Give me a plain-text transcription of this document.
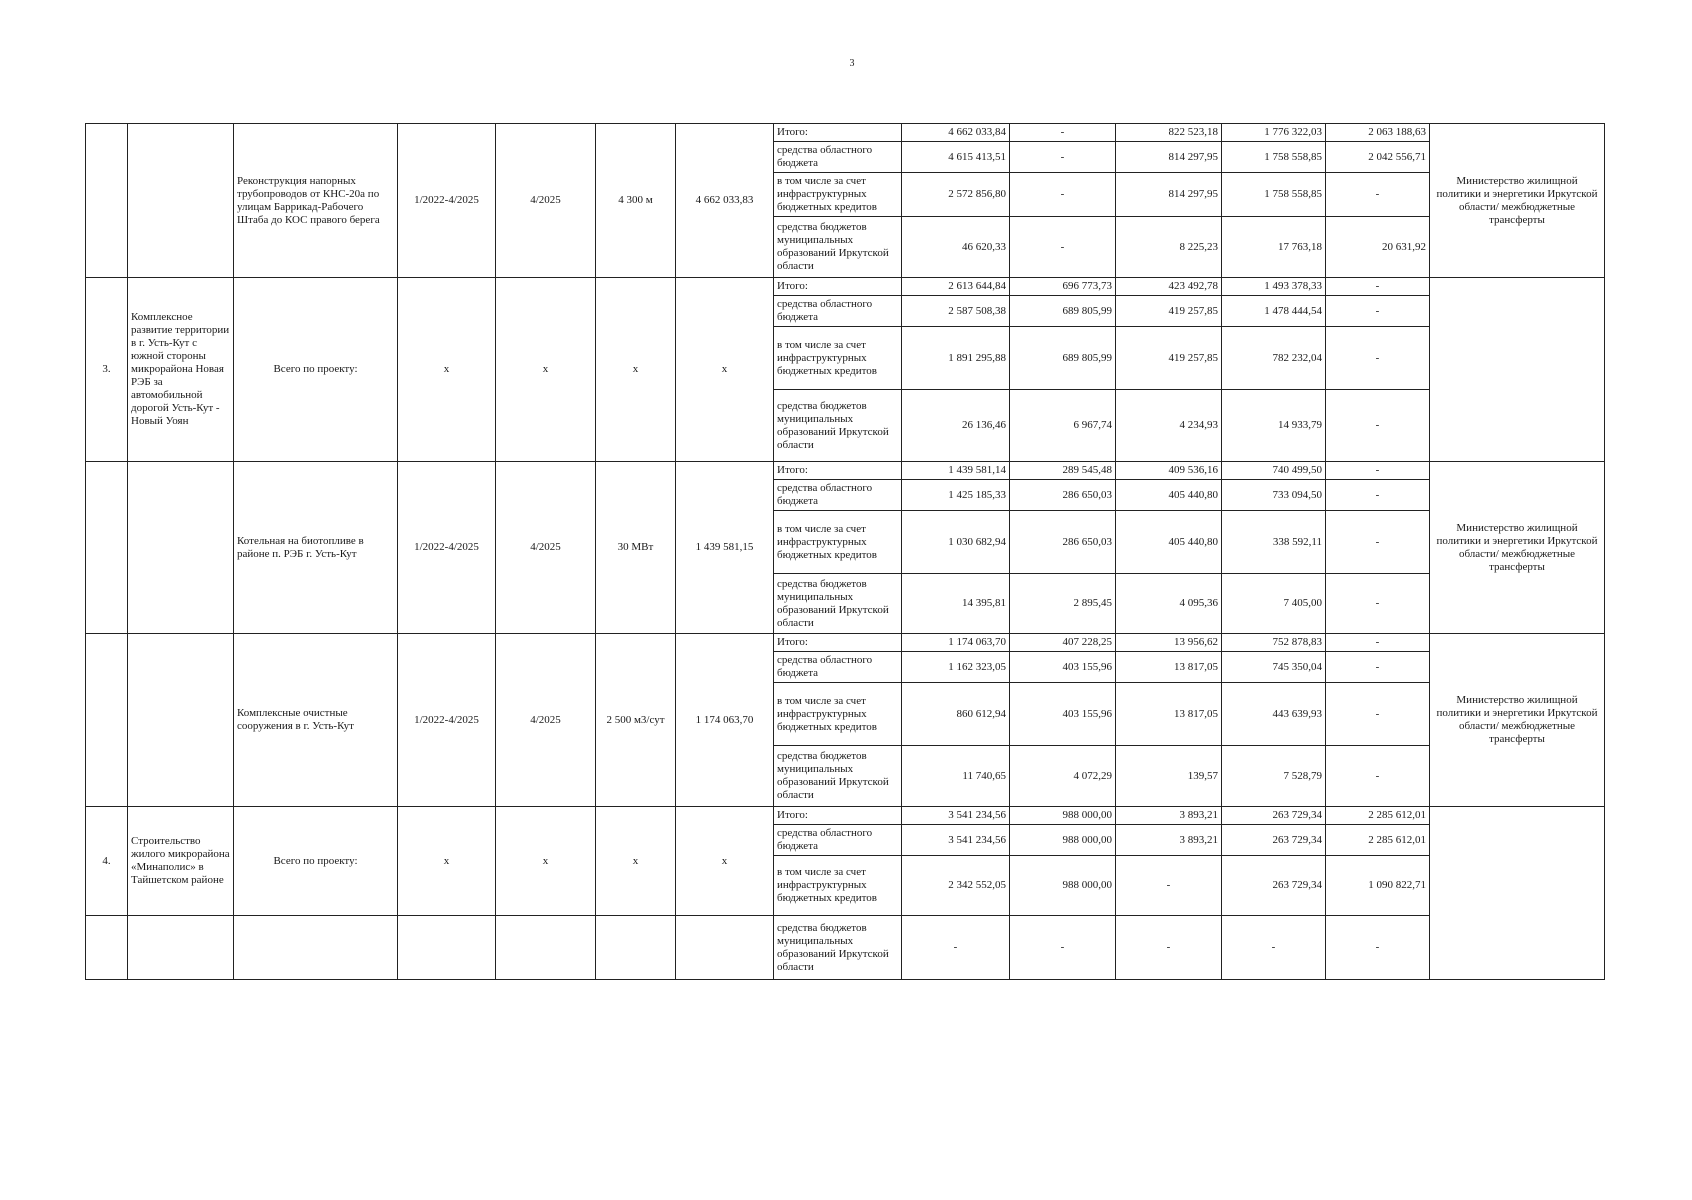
3
		Реконструкция напорных трубопроводов от КНС-20а по улицам Баррикад-Рабочего Штаба до КОС правого берега	1/2022-4/2025	4/2025	4 300 м	4 662 033,83	Итого:	4 662 033,84	-	822 523,18	1 776 322,03	2 063 188,63	Министерство жилищной политики и энергетики Иркутской области/ межбюджетные трансферты
							средства областного бюджета	4 615 413,51	-	814 297,95	1 758 558,85	2 042 556,71	
							в том числе за счет инфраструктурных бюджетных кредитов	2 572 856,80	-	814 297,95	1 758 558,85	-	
							средства бюджетов муниципальных образований Иркутской области	46 620,33	-	8 225,23	17 763,18	20 631,92	
3.	Комплексное развитие территории в г. Усть-Кут с южной стороны микрорайона Новая РЭБ за автомобильной дорогой Усть-Кут - Новый Уоян	Всего по проекту:	х	х	х	х	Итого:	2 613 644,84	696 773,73	423 492,78	1 493 378,33	-	
							средства областного бюджета	2 587 508,38	689 805,99	419 257,85	1 478 444,54	-	
							в том числе за счет инфраструктурных бюджетных кредитов	1 891 295,88	689 805,99	419 257,85	782 232,04	-	
							средства бюджетов муниципальных образований Иркутской области	26 136,46	6 967,74	4 234,93	14 933,79	-	
		Котельная на биотопливе в районе п. РЭБ г. Усть-Кут	1/2022-4/2025	4/2025	30 МВт	1 439 581,15	Итого:	1 439 581,14	289 545,48	409 536,16	740 499,50	-	Министерство жилищной политики и энергетики Иркутской области/ межбюджетные трансферты
							средства областного бюджета	1 425 185,33	286 650,03	405 440,80	733 094,50	-	
							в том числе за счет инфраструктурных бюджетных кредитов	1 030 682,94	286 650,03	405 440,80	338 592,11	-	
							средства бюджетов муниципальных образований Иркутской области	14 395,81	2 895,45	4 095,36	7 405,00	-	
		Комплексные очистные сооружения в г. Усть-Кут	1/2022-4/2025	4/2025	2 500 м3/сут	1 174 063,70	Итого:	1 174 063,70	407 228,25	13 956,62	752 878,83	-	Министерство жилищной политики и энергетики Иркутской области/ межбюджетные трансферты
							средства областного бюджета	1 162 323,05	403 155,96	13 817,05	745 350,04	-	
							в том числе за счет инфраструктурных бюджетных кредитов	860 612,94	403 155,96	13 817,05	443 639,93	-	
							средства бюджетов муниципальных образований Иркутской области	11 740,65	4 072,29	139,57	7 528,79	-	
4.	Строительство жилого микрорайона «Минаполис» в Тайшетском районе	Всего по проекту:	х	х	х	х	Итого:	3 541 234,56	988 000,00	3 893,21	263 729,34	2 285 612,01	
							средства областного бюджета	3 541 234,56	988 000,00	3 893,21	263 729,34	2 285 612,01	
							в том числе за счет инфраструктурных бюджетных кредитов	2 342 552,05	988 000,00	-	263 729,34	1 090 822,71	
							средства бюджетов муниципальных образований Иркутской области	-	-	-	-	-	
